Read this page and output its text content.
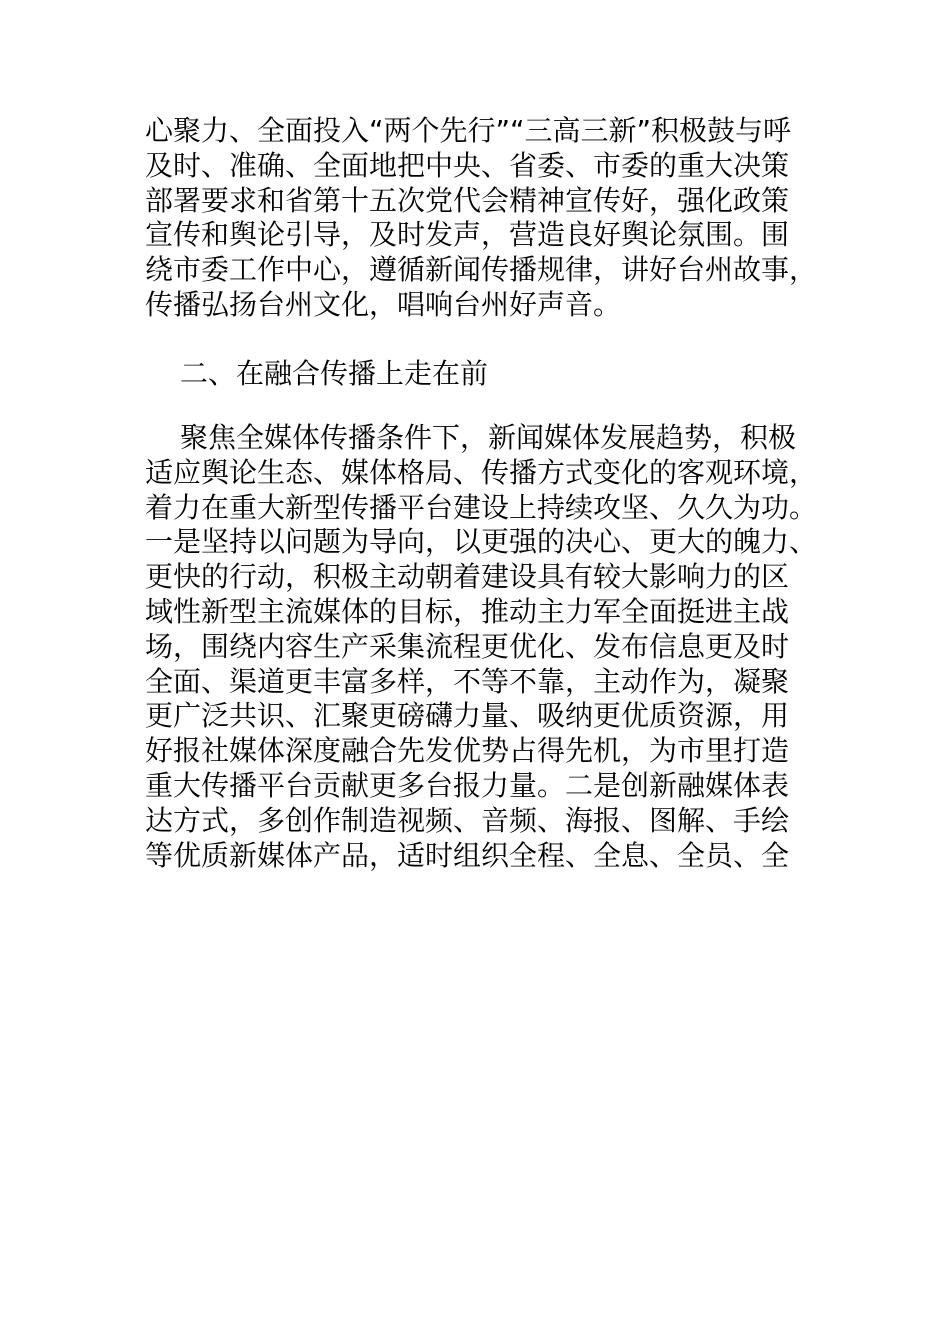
心聚力、全面投入“两个先行”“三高三新”积极鼓与呼
及时、准确、全面地把中央、省委、市委的重大决策
部署要求和省第十五次党代会精神宣传好，强化政策
宣传和舆论引导，及时发声，营造良好舆论氛围。围
绕市委工作中心，遵循新闻传播规律，讲好台州故事，
传播弘扬台州文化，唱响台州好声音。
二、在融合传播上走在前
聚焦全媒体传播条件下，新闻媒体发展趋势，积极
适应舆论生态、媒体格局、传播方式变化的客观环境，
着力在重大新型传播平台建设上持续攻坚、久久为功。
一是坚持以问题为导向，以更强的决心、更大的魄力、
更快的行动，积极主动朝着建设具有较大影响力的区
域性新型主流媒体的目标，推动主力军全面挺进主战
场，围绕内容生产采集流程更优化、发布信息更及时
全面、渠道更丰富多样，不等不靠，主动作为，凝聚
更广泛共识、汇聚更磅礴力量、吸纳更优质资源，用
好报社媒体深度融合先发优势占得先机，为市里打造
重大传播平台贡献更多台报力量。二是创新融媒体表
达方式，多创作制造视频、音频、海报、图解、手绘
等优质新媒体产品，适时组织全程、全息、全员、全
